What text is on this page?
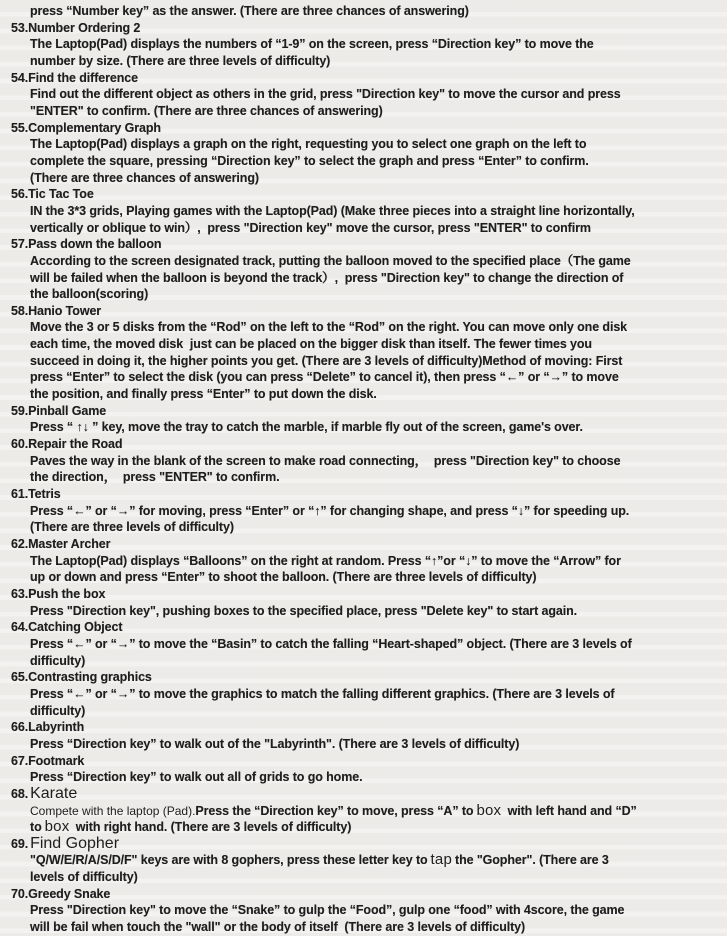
press “Number key” as the answer. (There are three chances of answering)
53.Number Ordering 2
The Laptop(Pad) displays the numbers of “1-9” on the screen, press “Direction key” to move the
number by size. (There are three levels of difficulty)
54.Find the difference
Find out the different object as others in the grid, press "Direction key" to move the cursor and press
"ENTER" to confirm. (There are three chances of answering)
55.Complementary Graph
The Laptop(Pad) displays a graph on the right, requesting you to select one graph on the left to
complete the square, pressing “Direction key” to select the graph and press “Enter” to confirm.
(There are three chances of answering)
56.Tic Tac Toe
IN the 3*3 grids, Playing games with the Laptop(Pad) (Make three pieces into a straight line horizontally,
vertically or oblique to win）,  press "Direction key" move the cursor, press "ENTER" to confirm
57.Pass down the balloon
According to the screen designated track, putting the balloon moved to the specified place（The game
will be failed when the balloon is beyond the track）,  press "Direction key" to change the direction of
the balloon(scoring)
58.Hanio Tower
Move the 3 or 5 disks from the “Rod” on the left to the “Rod” on the right. You can move only one disk
each time, the moved disk  just can be placed on the bigger disk than itself. The fewer times you
succeed in doing it, the higher points you get. (There are 3 levels of difficulty)Method of moving: First
press “Enter” to select the disk (you can press “Delete” to cancel it), then press “←” or “→” to move
the position, and finally press “Enter” to put down the disk.
59.Pinball Game
Press “ ↑↓ ” key, move the tray to catch the marble, if marble fly out of the screen, game's over.
60.Repair the Road
Paves the way in the blank of the screen to make road connecting，  press "Direction key" to choose
the direction，  press "ENTER" to confirm.
61.Tetris
Press “←” or “→” for moving, press “Enter” or “↑” for changing shape, and press “↓” for speeding up.
(There are three levels of difficulty)
62.Master Archer
The Laptop(Pad) displays “Balloons” on the right at random. Press “↑”or “↓” to move the “Arrow” for
up or down and press “Enter” to shoot the balloon. (There are three levels of difficulty)
63.Push the box
Press "Direction key", pushing boxes to the specified place, press "Delete key" to start again.
64.Catching Object
Press “←” or “→” to move the “Basin” to catch the falling “Heart-shaped” object. (There are 3 levels of
difficulty)
65.Contrasting graphics
Press “←” or “→” to move the graphics to match the falling different graphics. (There are 3 levels of
difficulty)
66.Labyrinth
Press “Direction key” to walk out of the "Labyrinth". (There are 3 levels of difficulty)
67.Footmark
Press “Direction key” to walk out all of grids to go home.
68. Karate
Compete with the laptop (Pad).Press the “Direction key” to move, press “A” to box with left hand and “D”
to box with right hand. (There are 3 levels of difficulty)
69. Find Gopher
"Q/W/E/R/A/S/D/F" keys are with 8 gophers, press these letter key to tap the "Gopher". (There are 3
levels of difficulty)
70.Greedy Snake
Press "Direction key" to move the “Snake” to gulp the “Food”, gulp one “food” with 4score, the game
will be fail when touch the "wall" or the body of itself  (There are 3 levels of difficulty)
